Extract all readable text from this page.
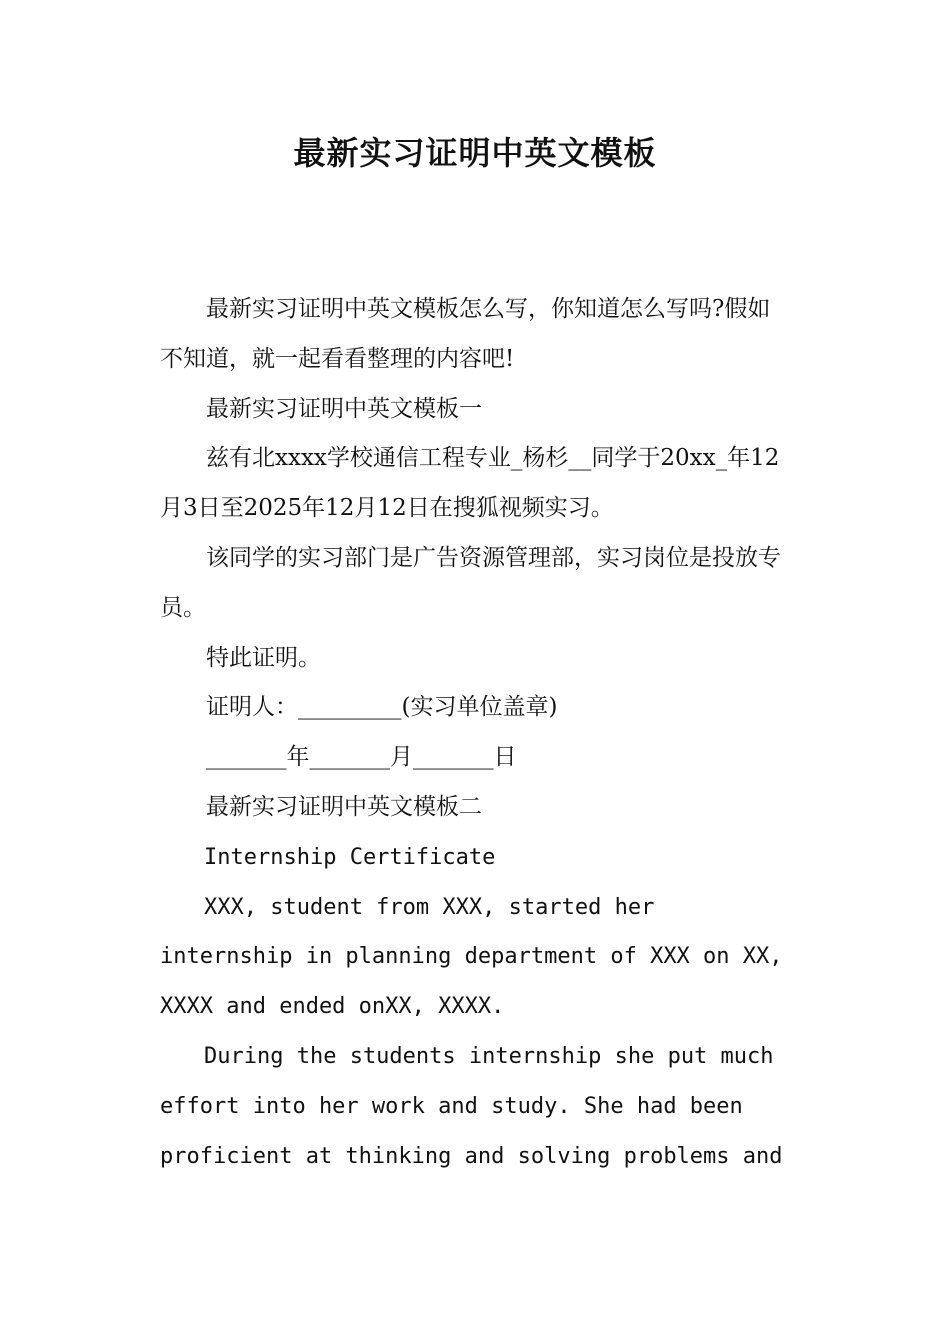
最新实习证明中英文模板

最新实习证明中英文模板怎么写，你知道怎么写吗?假如不知道，就一起看看整理的内容吧!

最新实习证明中英文模板一

兹有北xxxx学校通信工程专业_杨杉__同学于20xx_年12月3日至2025年12月12日在搜狐视频实习。

该同学的实习部门是广告资源管理部，实习岗位是投放专员。

特此证明。

证明人：_________(实习单位盖章)

_______年_______月_______日

最新实习证明中英文模板二

Internship Certificate

XXX, student from XXX, started her internship in planning department of XXX on XX, XXXX and ended onXX, XXXX.

During the students internship she put much effort into her work and study. She had been proficient at thinking and solving problems and
